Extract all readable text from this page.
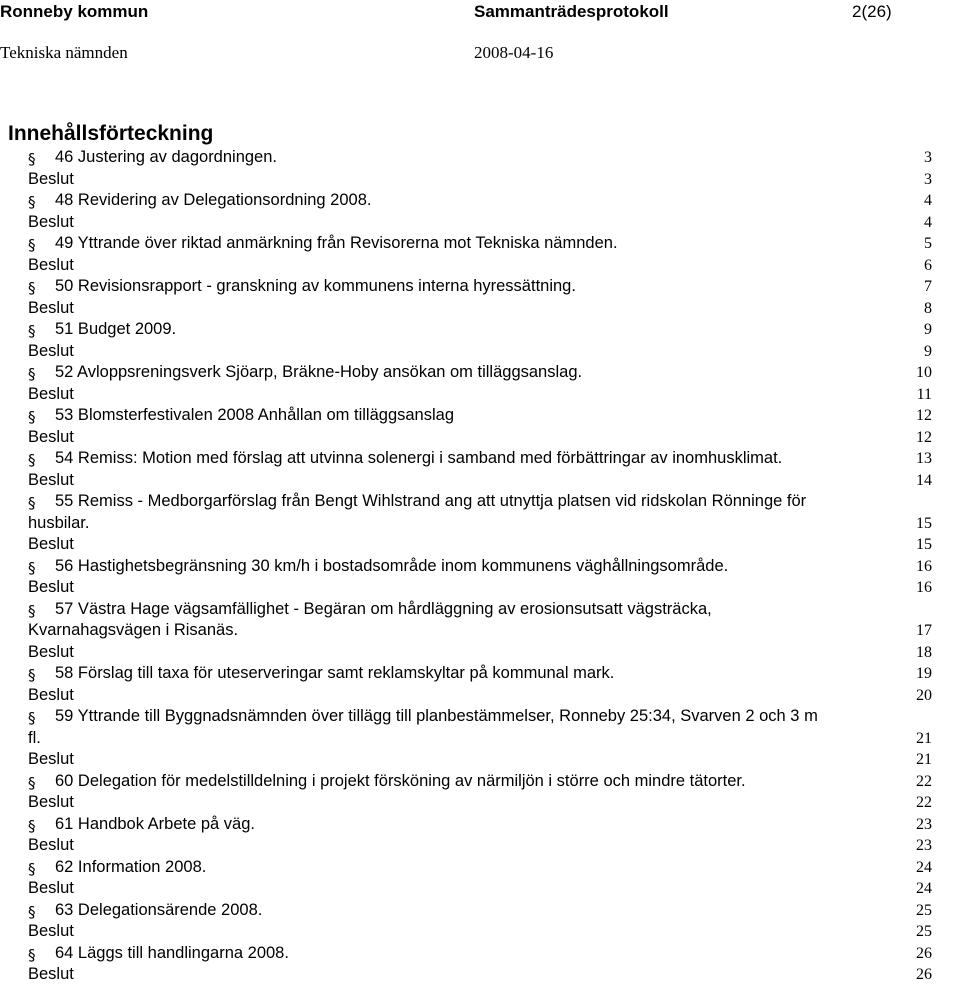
Ronneby kommun	Sammanträdesprotokoll	2(26)
Tekniska nämnden	2008-04-16
Innehållsförteckning
§	46 Justering av dagordningen.	3
Beslut	3
§	48 Revidering av Delegationsordning 2008.	4
Beslut	4
§	49 Yttrande över riktad anmärkning från Revisorerna mot Tekniska nämnden.	5
Beslut	6
§	50 Revisionsrapport - granskning av kommunens interna hyressättning.	7
Beslut	8
§	51 Budget 2009.	9
Beslut	9
§	52 Avloppsreningsverk Sjöarp, Bräkne-Hoby ansökan om tilläggsanslag.	10
Beslut	11
§	53 Blomsterfestivalen 2008 Anhållan om tilläggsanslag	12
Beslut	12
§	54 Remiss: Motion med förslag att utvinna solenergi i samband med förbättringar av inomhusklimat.	13
Beslut	14
§	55 Remiss - Medborgarförslag från Bengt Wihlstrand ang att utnyttja platsen vid ridskolan Rönninge för
husbilar.	15
Beslut	15
§	56 Hastighetsbegränsning 30 km/h i bostadsområde inom kommunens väghållningsområde.	16
Beslut	16
§	57 Västra Hage vägsamfällighet - Begäran om hårdläggning av erosionsutsatt vägsträcka,
Kvarnahagsvägen i Risanäs.	17
Beslut	18
§	58 Förslag till taxa för uteserveringar samt reklamskyltar på kommunal mark.	19
Beslut	20
§	59 Yttrande till Byggnadsnämnden över tillägg till planbestämmelser, Ronneby 25:34, Svarven 2 och 3 m
fl.	21
Beslut	21
§	60 Delegation för medelstilldelning i projekt försköning av närmiljön i större och mindre tätorter.	22
Beslut	22
§	61 Handbok Arbete på väg.	23
Beslut	23
§	62 Information 2008.	24
Beslut	24
§	63 Delegationsärende 2008.	25
Beslut	25
§	64 Läggs till handlingarna 2008.	26
Beslut	26
